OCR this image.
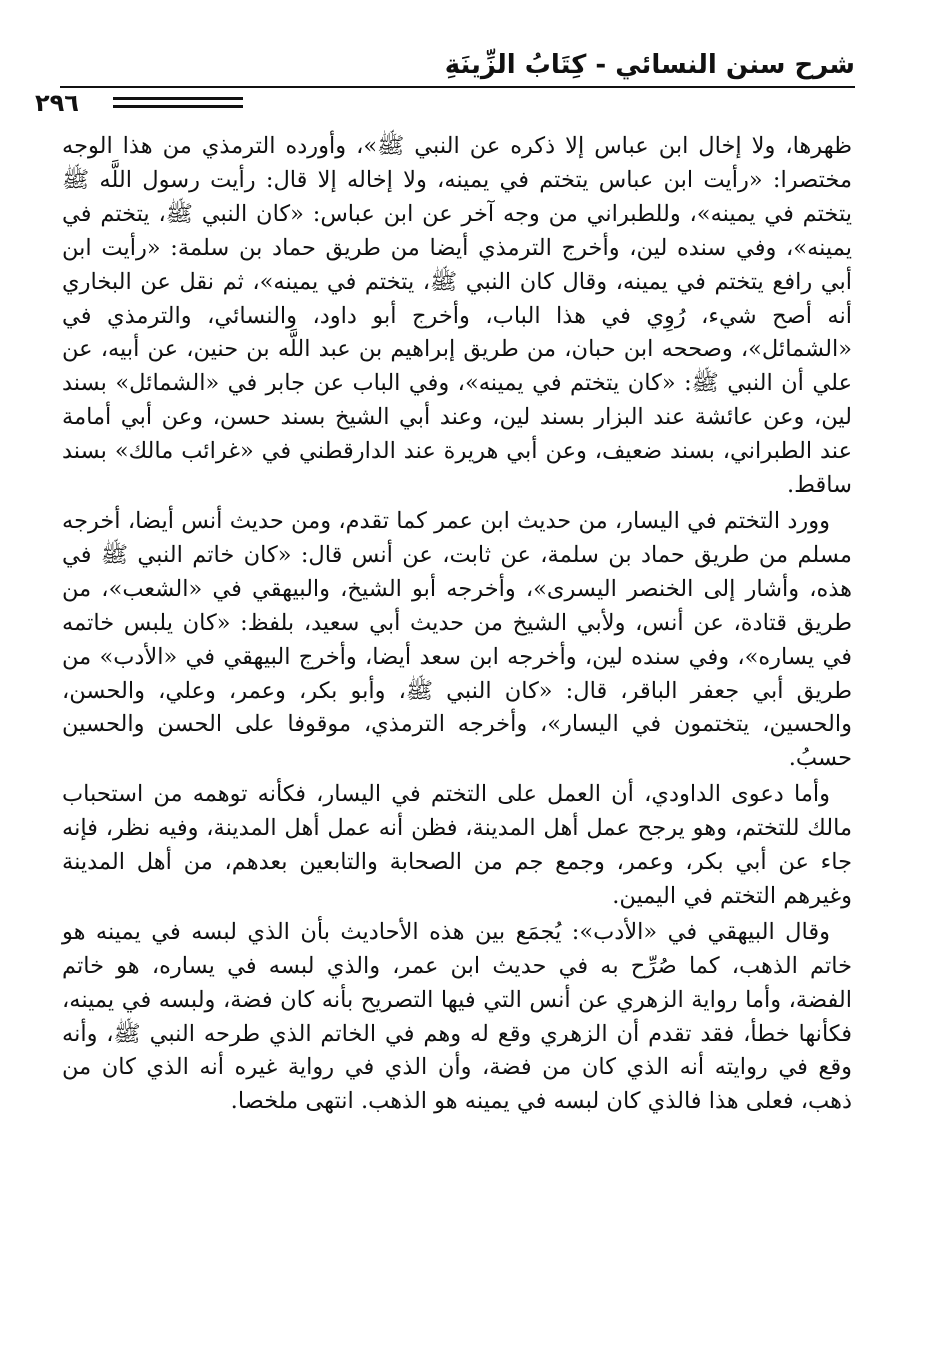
شرح سنن النسائي - كِتَابُ الزِّينَةِ
٢٩٦

ظهرها، ولا إخال ابن عباس إلا ذكره عن النبي ﷺ»، وأورده الترمذي من هذا الوجه مختصرا: «رأيت ابن عباس يتختم في يمينه، ولا إخاله إلا قال: رأيت رسول اللَّه ﷺ يتختم في يمينه»، وللطبراني من وجه آخر عن ابن عباس: «كان النبي ﷺ، يتختم في يمينه»، وفي سنده لين، وأخرج الترمذي أيضا من طريق حماد بن سلمة: «رأيت ابن أبي رافع يتختم في يمينه، وقال كان النبي ﷺ، يتختم في يمينه»، ثم نقل عن البخاري أنه أصح شيء، رُوِي في هذا الباب، وأخرج أبو داود، والنسائي، والترمذي في «الشمائل»، وصححه ابن حبان، من طريق إبراهيم بن عبد اللَّه بن حنين، عن أبيه، عن علي أن النبي ﷺ: «كان يتختم في يمينه»، وفي الباب عن جابر في «الشمائل» بسند لين، وعن عائشة عند البزار بسند لين، وعند أبي الشيخ بسند حسن، وعن أبي أمامة عند الطبراني، بسند ضعيف، وعن أبي هريرة عند الدارقطني في «غرائب مالك» بسند ساقط.

وورد التختم في اليسار، من حديث ابن عمر كما تقدم، ومن حديث أنس أيضا، أخرجه مسلم من طريق حماد بن سلمة، عن ثابت، عن أنس قال: «كان خاتم النبي ﷺ في هذه، وأشار إلى الخنصر اليسرى»، وأخرجه أبو الشيخ، والبيهقي في «الشعب»، من طريق قتادة، عن أنس، ولأبي الشيخ من حديث أبي سعيد، بلفظ: «كان يلبس خاتمه في يساره»، وفي سنده لين، وأخرجه ابن سعد أيضا، وأخرج البيهقي في «الأدب» من طريق أبي جعفر الباقر، قال: «كان النبي ﷺ، وأبو بكر، وعمر، وعلي، والحسن، والحسين، يتختمون في اليسار»، وأخرجه الترمذي، موقوفا على الحسن والحسين حسبُ.

وأما دعوى الداودي، أن العمل على التختم في اليسار، فكأنه توهمه من استحباب مالك للتختم، وهو يرجح عمل أهل المدينة، فظن أنه عمل أهل المدينة، وفيه نظر، فإنه جاء عن أبي بكر، وعمر، وجمع جم من الصحابة والتابعين بعدهم، من أهل المدينة وغيرهم التختم في اليمين.

وقال البيهقي في «الأدب»: يُجمَع بين هذه الأحاديث بأن الذي لبسه في يمينه هو خاتم الذهب، كما صُرِّح به في حديث ابن عمر، والذي لبسه في يساره، هو خاتم الفضة، وأما رواية الزهري عن أنس التي فيها التصريح بأنه كان فضة، ولبسه في يمينه، فكأنها خطأ، فقد تقدم أن الزهري وقع له وهم في الخاتم الذي طرحه النبي ﷺ، وأنه وقع في روايته أنه الذي كان من فضة، وأن الذي في رواية غيره أنه الذي كان من ذهب، فعلى هذا فالذي كان لبسه في يمينه هو الذهب. انتهى ملخصا.
